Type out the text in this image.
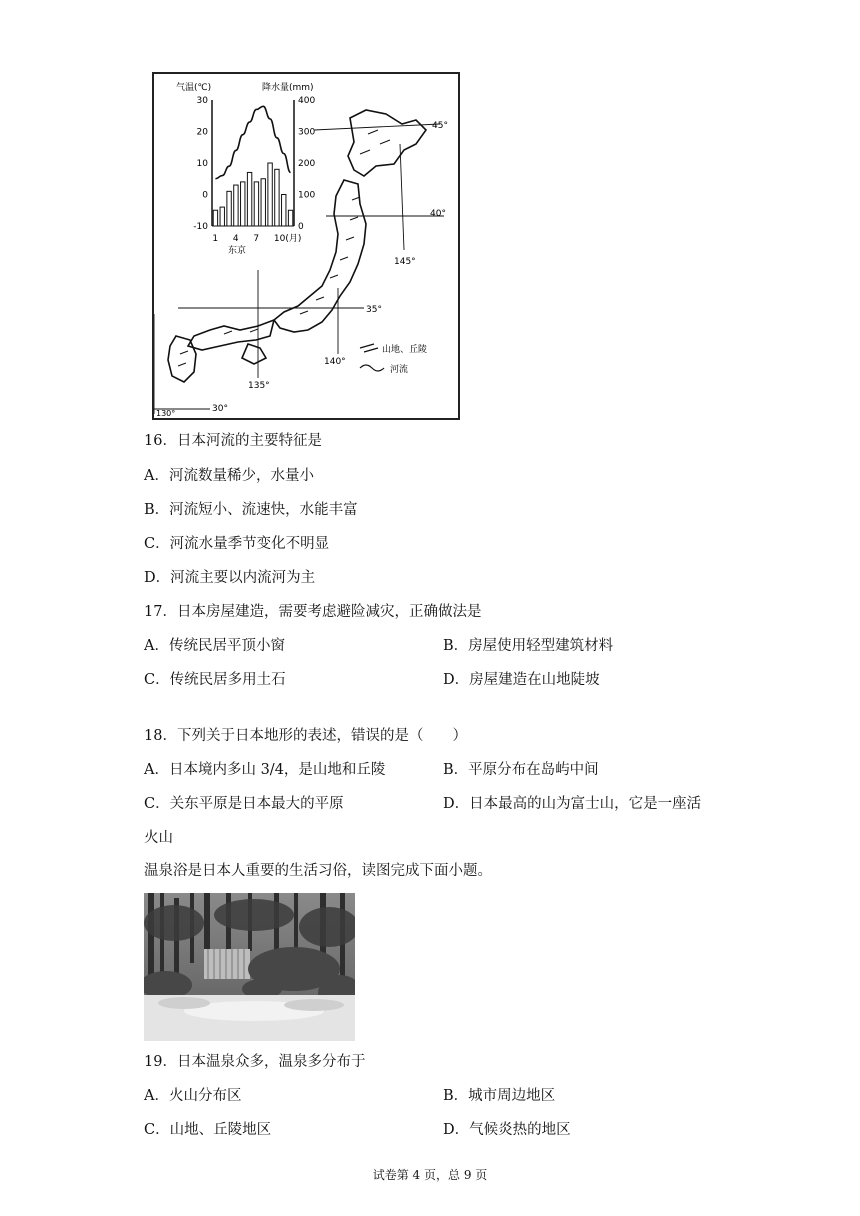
气温(℃)	降水量(mm)
30
20
10
0
-10
400
300
200
100
0
1 4 7 10(月)
东京
45°
40°
35°
30°
145°
140°
135°
130°
山地、丘陵
河流
16．日本河流的主要特征是
A．河流数量稀少，水量小
B．河流短小、流速快，水能丰富
C．河流水量季节变化不明显
D．河流主要以内流河为主
17．日本房屋建造，需要考虑避险减灾，正确做法是
A．传统民居平顶小窗	B．房屋使用轻型建筑材料
C．传统民居多用土石	D．房屋建造在山地陡坡
18．下列关于日本地形的表述，错误的是（　　）
A．日本境内多山 3/4，是山地和丘陵	B．平原分布在岛屿中间
C．关东平原是日本最大的平原	D．日本最高的山为富士山，它是一座活
火山
温泉浴是日本人重要的生活习俗，读图完成下面小题。
19．日本温泉众多，温泉多分布于
A．火山分布区	B．城市周边地区
C．山地、丘陵地区	D．气候炎热的地区
试卷第 4 页，总 9 页
